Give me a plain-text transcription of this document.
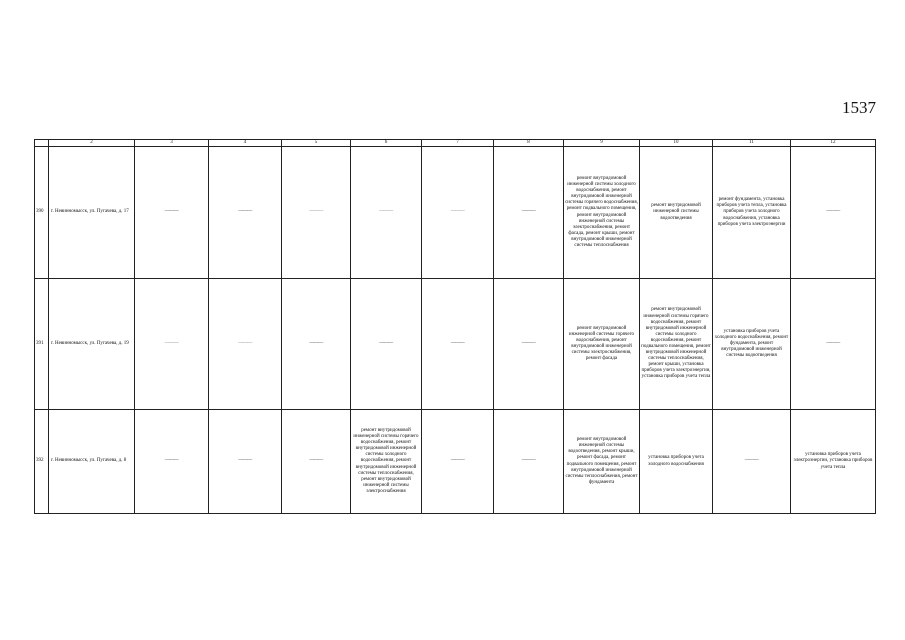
1537
	2	3	4	5	6	7	8	9	10	11	12
390	г. Невинномысск, ул. Пугачева, д. 17	———	———	———	———	———	———	ремонт внутридомовой инженерной системы холодного водоснабжения, ремонт внутридомовой инженерной системы горячего водоснабжения, ремонт подвального помещения, ремонт внутридомовой инженерной системы электроснабжения, ремонт фасада, ремонт крыши, ремонт внутридомовой инженерной системы теплоснабжения	ремонт внутридомовой инженерной системы водоотведения	ремонт фундамента, установка приборов учета тепла, установка приборов учета холодного водоснабжения, установка приборов учета электроэнергии	———
391	г. Невинномысск, ул. Пугачева, д. 19	———	———	———	———	———	———	ремонт внутридомовой инженерной системы горячего водоснабжения, ремонт внутридомовой инженерной системы электроснабжения, ремонт фасада	ремонт внутридомовой инженерной системы горячего водоснабжения, ремонт внутридомовой инженерной системы холодного водоснабжения, ремонт подвального помещения, ремонт внутридомовой инженерной системы теплоснабжения, ремонт крыши, установка приборов учета электроэнергии, установка приборов учета тепла	установка приборов учета холодного водоснабжения, ремонт фундамента, ремонт внутридомовой инженерной системы водоотведения	———
392	г. Невинномысск, ул. Пугачева, д. 8	———	———	———	ремонт внутридомовой инженерной системы горячего водоснабжения, ремонт внутридомовой инженерной системы холодного водоснабжения, ремонт внутридомовой инженерной системы теплоснабжения, ремонт внутридомовой инженерной системы электроснабжения	———	———	ремонт внутридомовой инженерной системы водоотведения, ремонт крыши, ремонт фасада, ремонт подвального помещения, ремонт внутридомовой инженерной системы теплоснабжения, ремонт фундамента	установка приборов учета холодного водоснабжения	———	установка приборов учета электроэнергии, установка приборов учета тепла
